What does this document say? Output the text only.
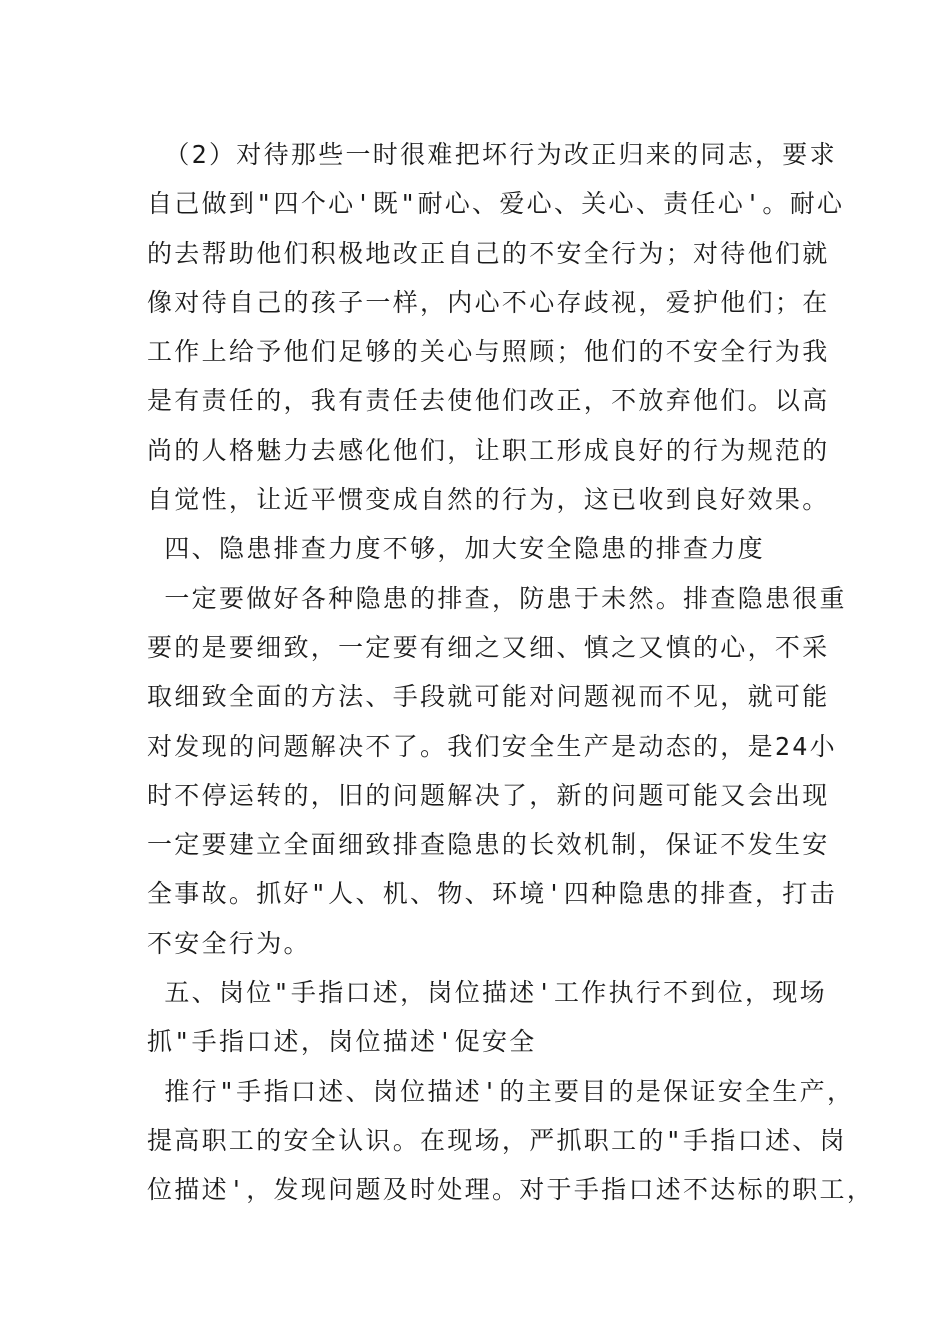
（2）对待那些一时很难把坏行为改正归来的同志，要求
自己做到"四个心'既"耐心、爱心、关心、责任心'。耐心
的去帮助他们积极地改正自己的不安全行为；对待他们就
像对待自己的孩子一样，内心不心存歧视，爱护他们；在
工作上给予他们足够的关心与照顾；他们的不安全行为我
是有责任的，我有责任去使他们改正，不放弃他们。以高
尚的人格魅力去感化他们，让职工形成良好的行为规范的
自觉性，让近平惯变成自然的行为，这已收到良好效果。
四、隐患排查力度不够，加大安全隐患的排查力度
一定要做好各种隐患的排查，防患于未然。排查隐患很重
要的是要细致，一定要有细之又细、慎之又慎的心，不采
取细致全面的方法、手段就可能对问题视而不见，就可能
对发现的问题解决不了。我们安全生产是动态的，是24小
时不停运转的，旧的问题解决了，新的问题可能又会出现
一定要建立全面细致排查隐患的长效机制，保证不发生安
全事故。抓好"人、机、物、环境'四种隐患的排查，打击
不安全行为。
五、岗位"手指口述，岗位描述'工作执行不到位，现场
抓"手指口述，岗位描述'促安全
推行"手指口述、岗位描述'的主要目的是保证安全生产，
提高职工的安全认识。在现场，严抓职工的"手指口述、岗
位描述'，发现问题及时处理。对于手指口述不达标的职工，
